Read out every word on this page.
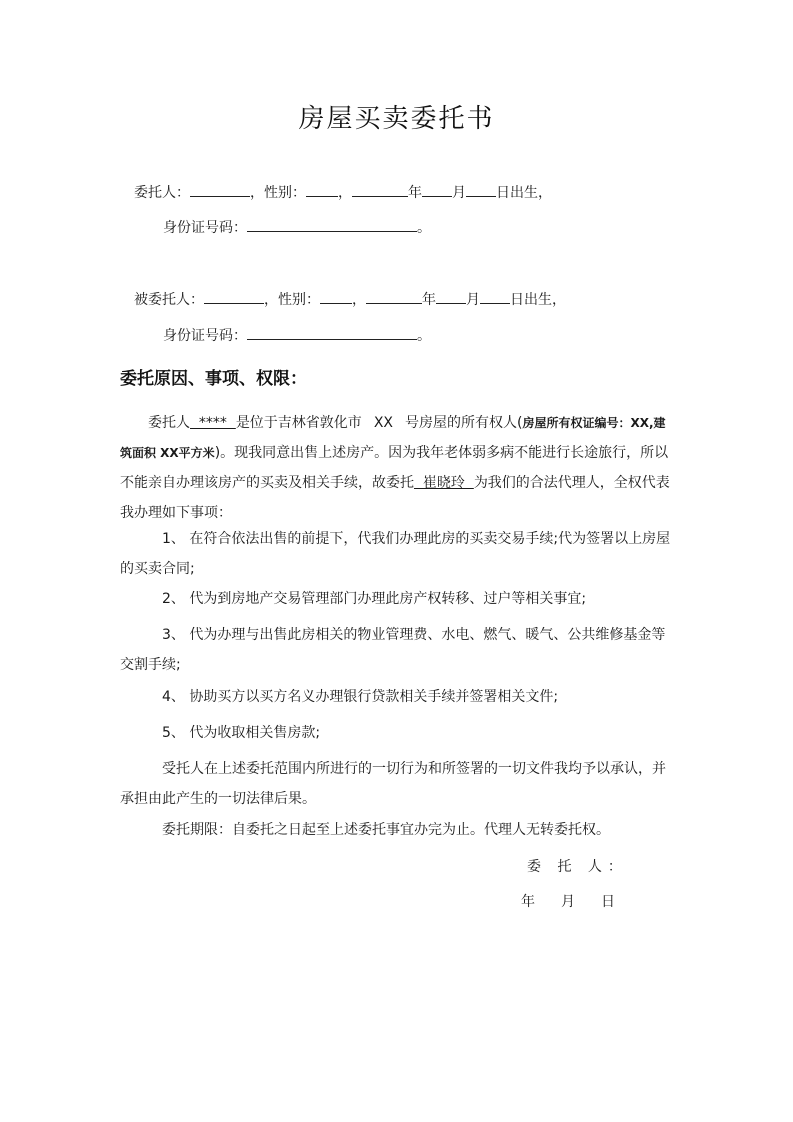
房屋买卖委托书
委托人：	，性别： ，	年 月 日出生，
身份证号码：	。
被委托人：	，性别： ，	年 月 日出生，
身份证号码：	。
委托原因、事项、权限：
委托人  ****  是位于吉林省敦化市 XX 号房屋的所有权人(房屋所有权证编号：XX,建筑面积 XX平方米)。现我同意出售上述房产。因为我年老体弱多病不能进行长途旅行，所以不能亲自办理该房产的买卖及相关手续，故委托  崔晓玲  为我们的合法代理人，全权代表我办理如下事项：
1、 在符合依法出售的前提下，代我们办理此房的买卖交易手续;代为签署以上房屋的买卖合同;
2、 代为到房地产交易管理部门办理此房产权转移、过户等相关事宜;
3、 代为办理与出售此房相关的物业管理费、水电、燃气、暖气、公共维修基金等交割手续;
4、 协助买方以买方名义办理银行贷款相关手续并签署相关文件;
5、 代为收取相关售房款;
受托人在上述委托范围内所进行的一切行为和所签署的一切文件我均予以承认，并承担由此产生的一切法律后果。
委托期限：自委托之日起至上述委托事宜办完为止。代理人无转委托权。
委 托 人：
年 月 日
